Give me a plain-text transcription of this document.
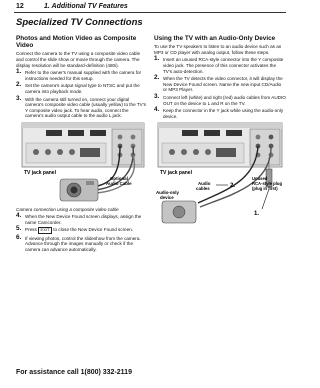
12	1. Additional TV Features
Specialized TV Connections
Photos and Motion Video as Composite Video

Connect the camera to the TV using a composite video cable and control the slide show or movie through the camera. The display resolution will be standard-definition (480i).

1. Refer to the owner's manual supplied with the camera for instructions needed for this setup.
2. Set the camera's output signal type to NTSC and put the camera into playback mode.
3. With the camera still turned on, connect your digital camera's composite video cable (usually yellow) to the TV's Y composite video jack. To hear audio, connect the camera's audio output cable to the audio L jack.
TV jack panel
Optional
Audio Cable

Camera connection using a composite video cable

4. When the New Device Found screen displays, assign the name Camcorder.
5. Press EXIT to close the New Device Found screen.
6. If viewing photos, control the slideshow from the camera. Advance through the images manually or check if the camera can advance automatically.
Using the TV with an Audio-Only Device

To use the TV speakers to listen to an audio device such as an MP3 or CD player with analog output, follow these steps.

1. Insert an unused RCA-style connector into the Y composite video jack. The presence of this connector activates the TV's auto-detection.
2. When the TV detects the video connector, it will display the New Device Found screen. Name the new input CD/Audio or MP3 Player.
3. Connect left (white) and right (red) audio cables from AUDIO OUT on the device to L and R on the TV.
4. Keep the connector in the Y jack while using the audio-only device.
TV jack panel
Audio
cables
Audio-only
device
2.
1.
Unused
RCA-style plug
(plug in first)
For assistance call 1(800) 332-2119
